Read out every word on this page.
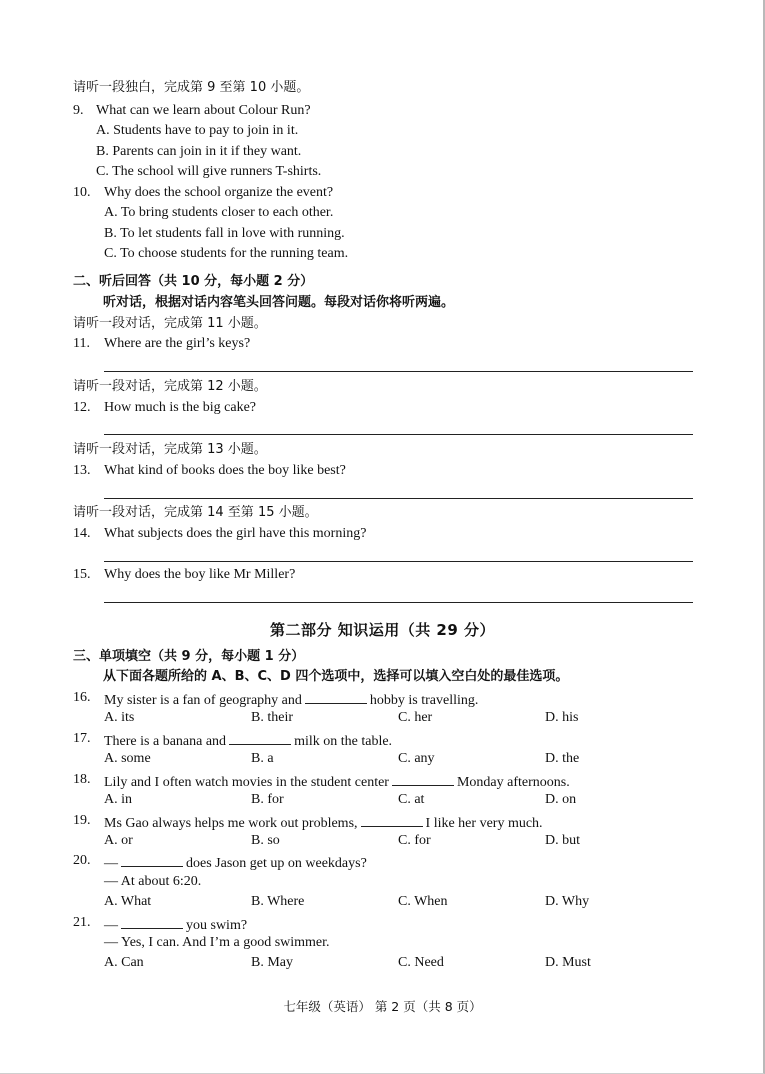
请听一段独白，完成第 9 至第 10 小题。
9. What can we learn about Colour Run?
A. Students have to pay to join in it.
B. Parents can join in it if they want.
C. The school will give runners T-shirts.
10. Why does the school organize the event?
A. To bring students closer to each other.
B. To let students fall in love with running.
C. To choose students for the running team.
二、听后回答（共 10 分，每小题 2 分）
听对话，根据对话内容笔头回答问题。每段对话你将听两遍。
请听一段对话，完成第 11 小题。
11. Where are the girl’s keys?
请听一段对话，完成第 12 小题。
12. How much is the big cake?
请听一段对话，完成第 13 小题。
13. What kind of books does the boy like best?
请听一段对话，完成第 14 至第 15 小题。
14. What subjects does the girl have this morning?
15. Why does the boy like Mr Miller?
第二部分 知识运用（共 29 分）
三、单项填空（共 9 分，每小题 1 分）
从下面各题所给的 A、B、C、D 四个选项中，选择可以填入空白处的最佳选项。
16. My sister is a fan of geography and	hobby is travelling.
A. its	B. their	C. her	D. his
17. There is a banana and	milk on the table.
A. some	B. a	C. any	D. the
18. Lily and I often watch movies in the student center	Monday afternoons.
A. in	B. for	C. at	D. on
19. Ms Gao always helps me work out problems,	I like her very much.
A. or	B. so	C. for	D. but
20. —	does Jason get up on weekdays?
— At about 6:20.
A. What	B. Where	C. When	D. Why
21. —	you swim?
— Yes, I can. And I’m a good swimmer.
A. Can	B. May	C. Need	D. Must
七年级（英语） 第 2 页（共 8 页）
